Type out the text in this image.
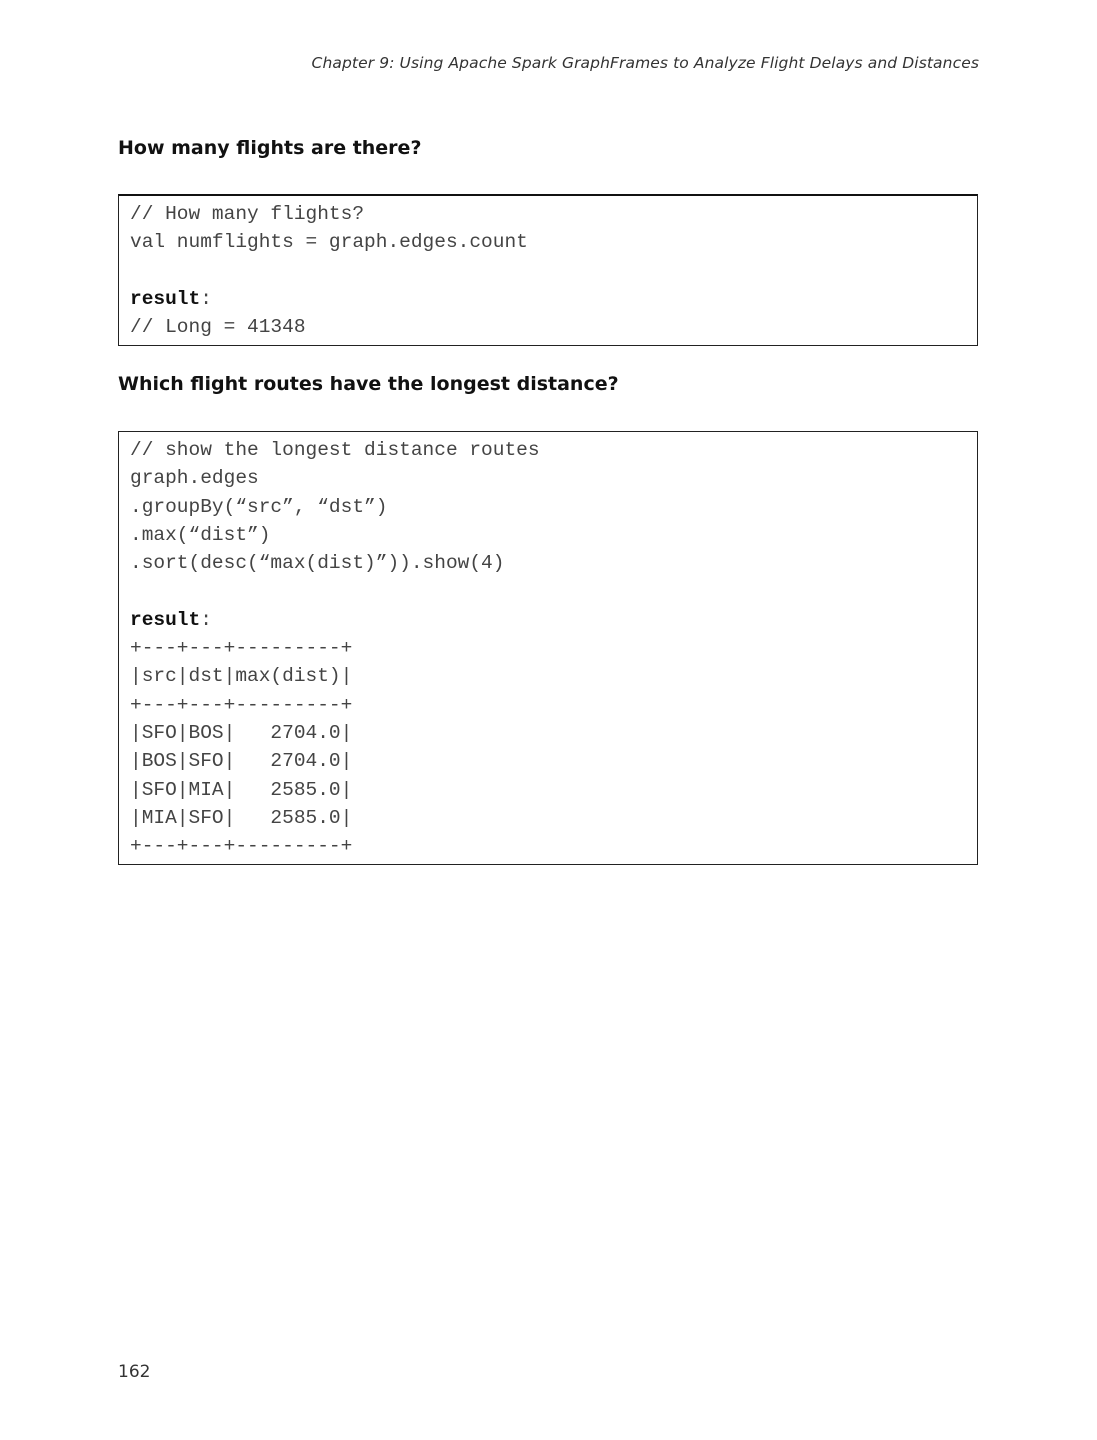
Chapter 9: Using Apache Spark GraphFrames to Analyze Flight Delays and Distances
How many flights are there?
// How many flights?
val numflights = graph.edges.count
result:
// Long = 41348
Which flight routes have the longest distance?
// show the longest distance routes
graph.edges
.groupBy(“src”, “dst”)
.max(“dist”)
.sort(desc(“max(dist)”)).show(4)
result:
+---+---+---------+
|src|dst|max(dist)|
+---+---+---------+
|SFO|BOS|   2704.0|
|BOS|SFO|   2704.0|
|SFO|MIA|   2585.0|
|MIA|SFO|   2585.0|
+---+---+---------+
162
